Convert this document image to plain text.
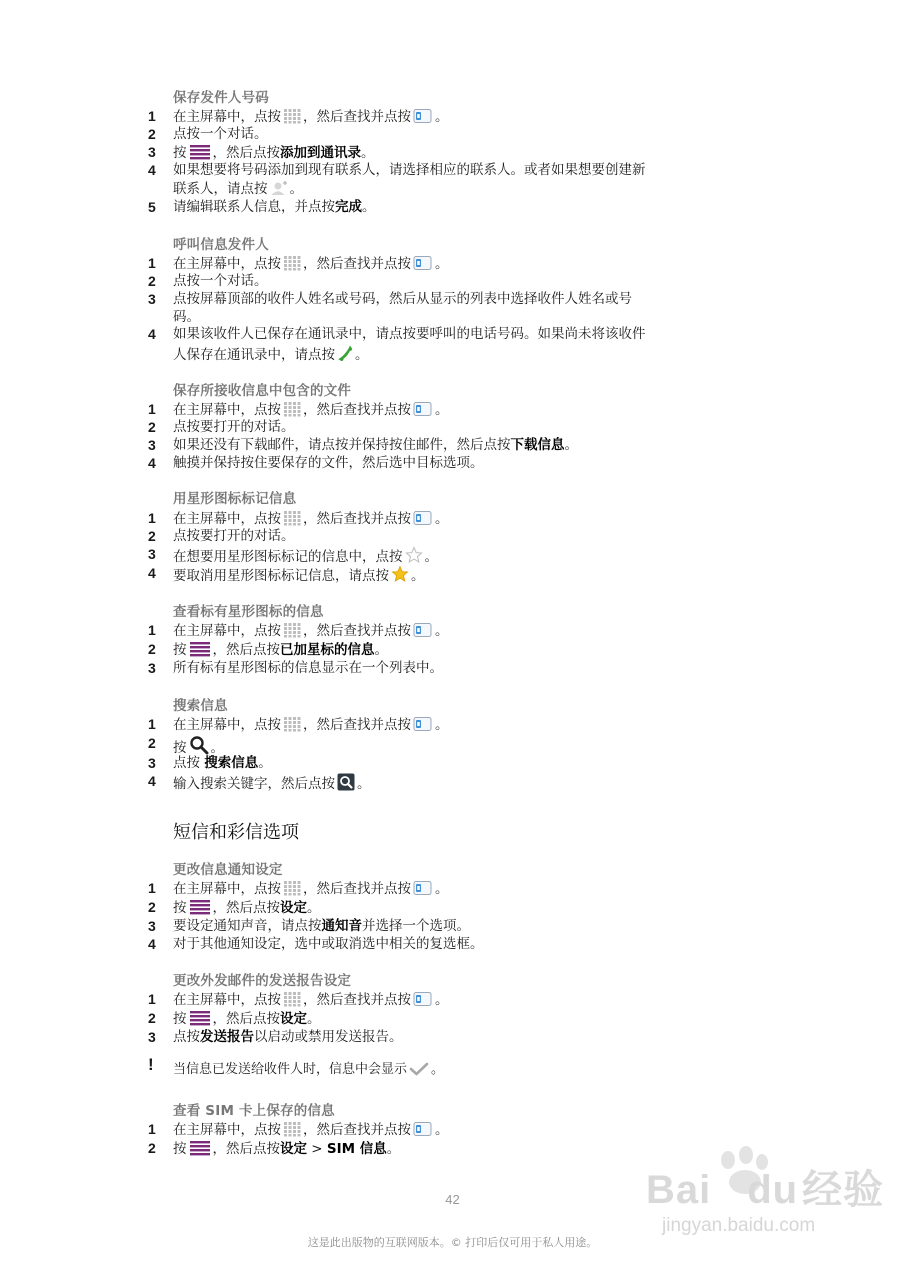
保存发件人号码
1	在主屏幕中，点按 ，然后查找并点按 。
2	点按一个对话。
3	按 ，然后点按添加到通讯录。
4	如果想要将号码添加到现有联系人，请选择相应的联系人。或者如果想要创建新
联系人，请点按 。
5	请编辑联系人信息，并点按完成。
呼叫信息发件人
1	在主屏幕中，点按 ，然后查找并点按 。
2	点按一个对话。
3	点按屏幕顶部的收件人姓名或号码，然后从显示的列表中选择收件人姓名或号
码。
4	如果该收件人已保存在通讯录中，请点按要呼叫的电话号码。如果尚未将该收件
人保存在通讯录中，请点按 。
保存所接收信息中包含的文件
1	在主屏幕中，点按 ，然后查找并点按 。
2	点按要打开的对话。
3	如果还没有下载邮件，请点按并保持按住邮件，然后点按下载信息。
4	触摸并保持按住要保存的文件，然后选中目标选项。
用星形图标标记信息
1	在主屏幕中，点按 ，然后查找并点按 。
2	点按要打开的对话。
3	在想要用星形图标标记的信息中，点按 。
4	要取消用星形图标标记信息，请点按 。
查看标有星形图标的信息
1	在主屏幕中，点按 ，然后查找并点按 。
2	按 ，然后点按已加星标的信息。
3	所有标有星形图标的信息显示在一个列表中。
搜索信息
1	在主屏幕中，点按 ，然后查找并点按 。
2	按 。
3	点按 搜索信息。
4	输入搜索关键字，然后点按 。
短信和彩信选项
更改信息通知设定
1	在主屏幕中，点按 ，然后查找并点按 。
2	按 ，然后点按设定。
3	要设定通知声音，请点按通知音并选择一个选项。
4	对于其他通知设定，选中或取消选中相关的复选框。
更改外发邮件的发送报告设定
1	在主屏幕中，点按 ，然后查找并点按 。
2	按 ，然后点按设定。
3	点按发送报告以启动或禁用发送报告。
! 当信息已发送给收件人时，信息中会显示 。
查看 SIM 卡上保存的信息
1	在主屏幕中，点按 ，然后查找并点按 。
2	按 ，然后点按设定 > SIM 信息。
Bai du 经验
jingyan.baidu.com
42
这是此出版物的互联网版本。© 打印后仅可用于私人用途。
